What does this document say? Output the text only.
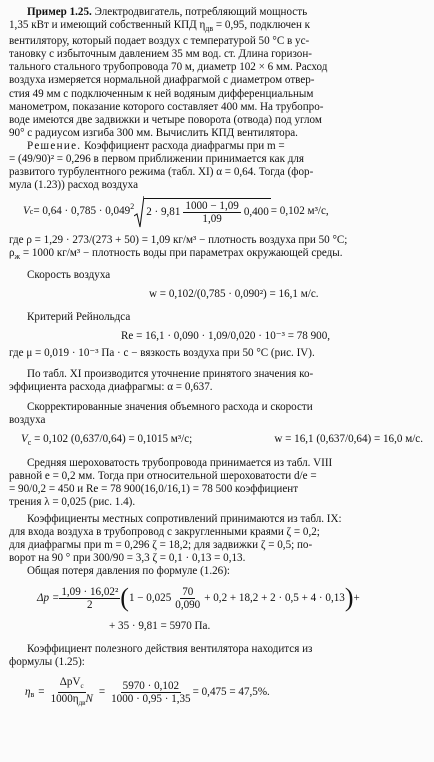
Пример 1.25. Электродвигатель, потребляющий мощность

1,35 кВт и имеющий собственный КПД $\eta_{дв} = 0,95$, подключен к

вентилятору, который подает воздух с температурой 50 °С в ус-

тановку с избыточным давлением 35 мм вод. ст. Длина горизон-

тального стального трубопровода 70 м, диаметр 102 × 6 мм. Расход

воздуха измеряется нормальной диафрагмой с диаметром отвер-

стия 49 мм с подключенным к ней водяным дифференциальным

манометром, показание которого составляет 400 мм. На трубопро-

воде имеются две задвижки и четыре поворота (отвода) под углом

90° с радиусом изгиба 300 мм. Вычислить КПД вентилятора.

Решение. Коэффициент расхода диафрагмы при m =

= (49/90)² = 0,296 в первом приближении принимается как для

развитого турбулентного режима (табл. XI) α = 0,64. Тогда (фор-

мула (1.23)) расход воздуха

V $с = 0,64 \cdot 0,785 \cdot 0,049^2$ $2 \cdot 9,81 \frac{1000 - 1,09}{1,09} 0,400 = 0,102$ м³/с,

где ρ = 1,29 · 273/(273 + 50) = 1,09 кг/м³ − плотность воздуха при 50 °С;

$\rho_ж = 1000$ кг/м³ − плотность воды при параметрах окружающей среды.

Скорость воздуха

w = 0,102/(0,785 · 0,090²) = 16,1 м/с.

Критерий Рейнольдса

Re = 16,1 · 0,090 · 1,09/0,020 · 10⁻³ = 78 900,

где μ = 0,019 · 10⁻³ Па · с − вязкость воздуха при 50 °С (рис. IV).

По табл. XI производится уточнение принятого значения ко-

эффициента расхода диафрагмы: α = 0,637.

Скорректированные значения объемного расхода и скорости

воздуха

$V_с = 0,102$ (0,637/0,64) = 0,1015 м³/с;	w = 16,1 (0,637/0,64) = 16,0 м/с.

Средняя шероховатость трубопровода принимается из табл. VIII

равной e = 0,2 мм. Тогда при относительной шероховатости d/e =

= 90/0,2 = 450 и Re = 78 900(16,0/16,1) = 78 500 коэффициент

трения λ = 0,025 (рис. 1.4).

Коэффициенты местных сопротивлений принимаются из табл. IX:

для входа воздуха в трубопровод с закругленными краями ζ = 0,2;

для диафрагмы при m = 0,296 ζ = 18,2; для задвижки ζ = 0,5; по-

ворот на 90 ° при 300/90 = 3,3 ζ = 0,1 · 0,13 = 0,13.

Общая потеря давления по формуле (1.26):

$\Delta p = \frac{\text{1,09 · 16,02²}}{2}$ ( $1 - 0,025 \frac{70}{0,090} + 0,2 + 18,2 + 2 \cdot 0,5 + 4 \cdot 0,13$ ) +

+ 35 · 9,81 = 5970 Па.

Коэффициент полезного действия вентилятора находится из

формулы (1.25):

$\eta_в = \frac{\Delta pV_с}{1000\eta_{дв}N} = \frac{5970 \cdot 0,102}{1000 \cdot 0,95 \cdot 1,35} = 0,475 = 47,5\%$.
